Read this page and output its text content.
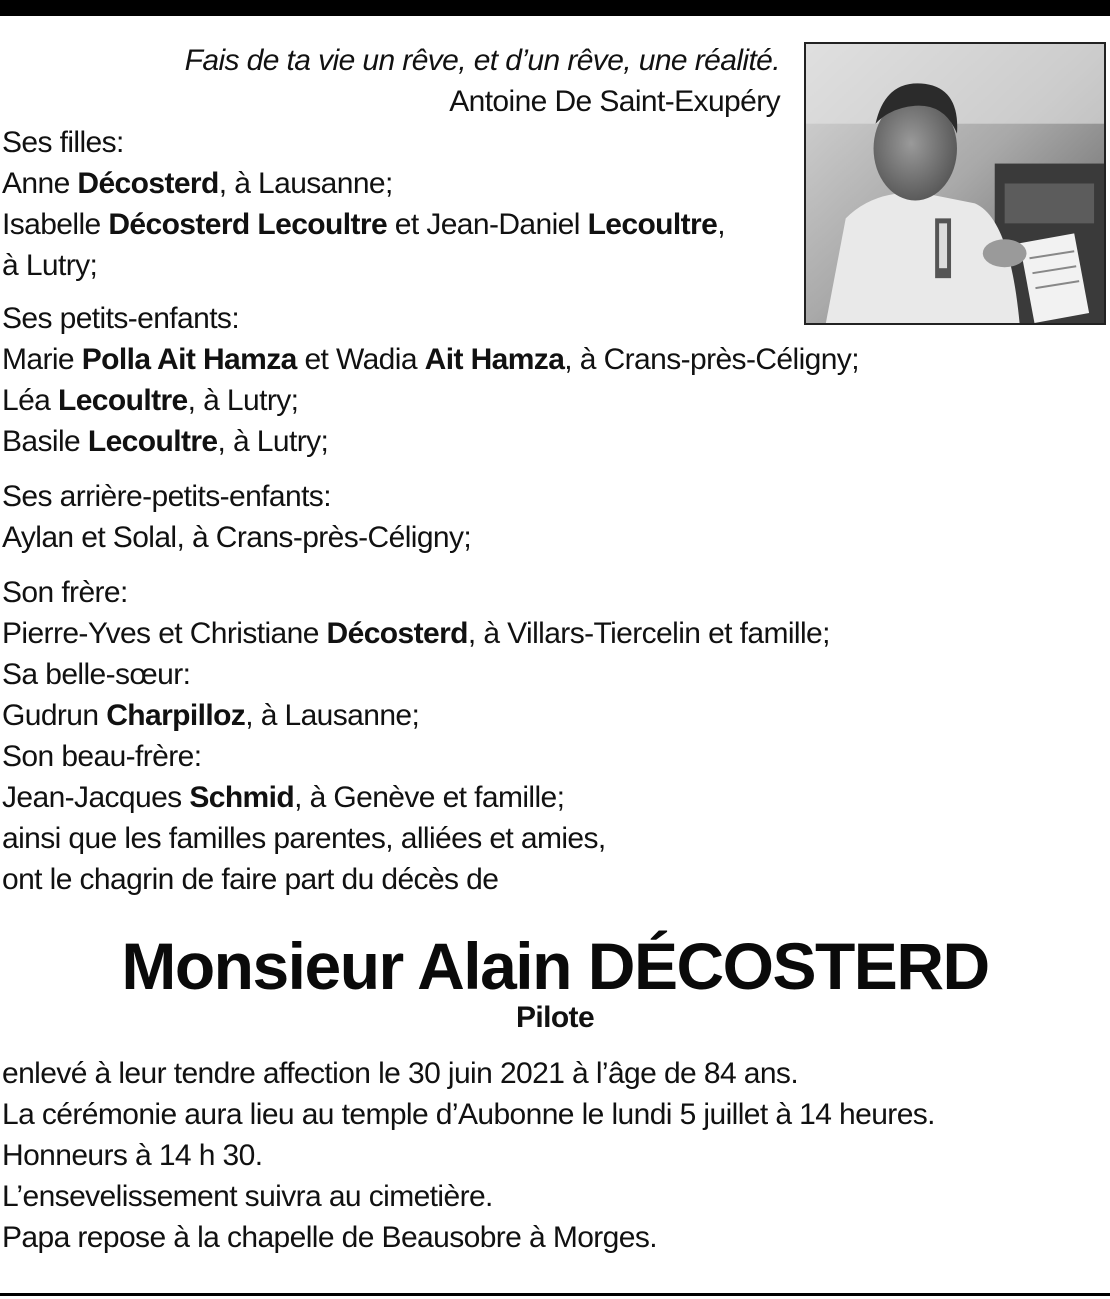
Fais de ta vie un rêve, et d’un rêve, une réalité.
Antoine De Saint-Exupéry
Ses filles:
Anne Décosterd, à Lausanne;
Isabelle Décosterd Lecoultre et Jean-Daniel Lecoultre,
à Lutry;
Ses petits-enfants:
Marie Polla Ait Hamza et Wadia Ait Hamza, à Crans-près-Céligny;
Léa Lecoultre, à Lutry;
Basile Lecoultre, à Lutry;
Ses arrière-petits-enfants:
Aylan et Solal, à Crans-près-Céligny;
Son frère:
Pierre-Yves et Christiane Décosterd, à Villars-Tiercelin et famille;
Sa belle-sœur:
Gudrun Charpilloz, à Lausanne;
Son beau-frère:
Jean-Jacques Schmid, à Genève et famille;
ainsi que les familles parentes, alliées et amies,
ont le chagrin de faire part du décès de
Monsieur Alain DÉCOSTERD
Pilote
enlevé à leur tendre affection le 30 juin 2021 à l’âge de 84 ans.
La cérémonie aura lieu au temple d’Aubonne le lundi 5 juillet à 14 heures.
Honneurs à 14 h 30.
L’ensevelissement suivra au cimetière.
Papa repose à la chapelle de Beausobre à Morges.
